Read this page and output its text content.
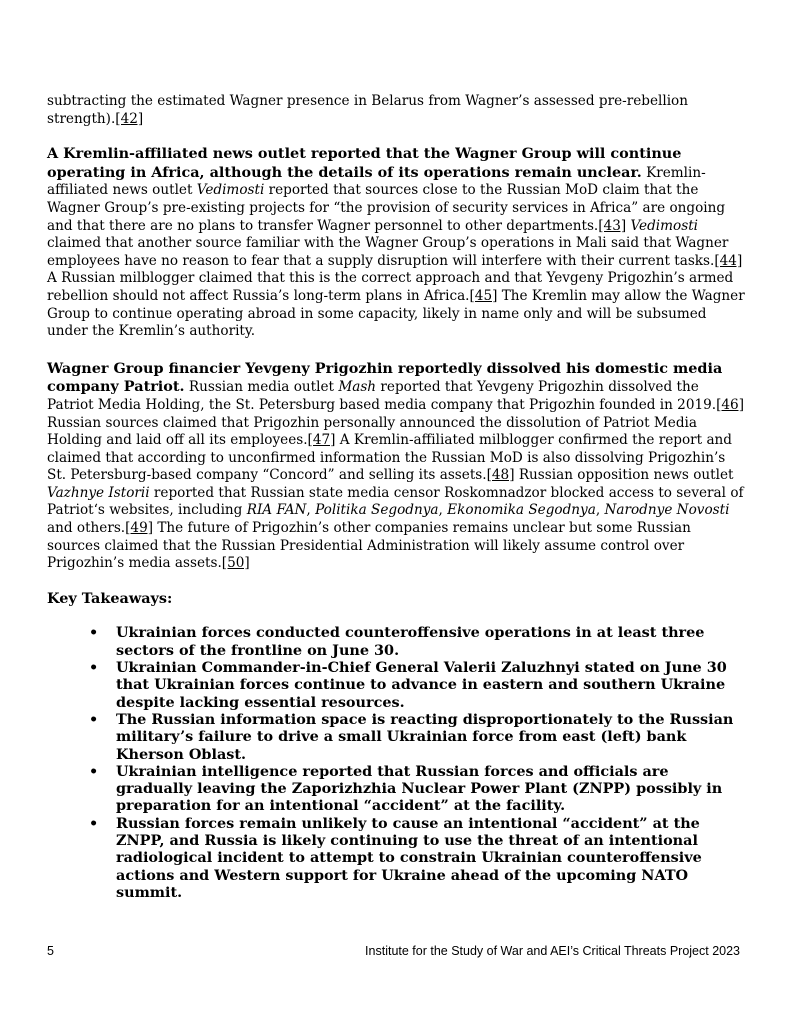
subtracting the estimated Wagner presence in Belarus from Wagner’s assessed pre-rebellion strength).[42]

A Kremlin-affiliated news outlet reported that the Wagner Group will continue operating in Africa, although the details of its operations remain unclear. Kremlin-affiliated news outlet Vedimosti reported that sources close to the Russian MoD claim that the Wagner Group’s pre-existing projects for “the provision of security services in Africa” are ongoing and that there are no plans to transfer Wagner personnel to other departments.[43] Vedimosti claimed that another source familiar with the Wagner Group’s operations in Mali said that Wagner employees have no reason to fear that a supply disruption will interfere with their current tasks.[44] A Russian milblogger claimed that this is the correct approach and that Yevgeny Prigozhin’s armed rebellion should not affect Russia’s long-term plans in Africa.[45] The Kremlin may allow the Wagner Group to continue operating abroad in some capacity, likely in name only and will be subsumed under the Kremlin’s authority.

Wagner Group financier Yevgeny Prigozhin reportedly dissolved his domestic media company Patriot. Russian media outlet Mash reported that Yevgeny Prigozhin dissolved the Patriot Media Holding, the St. Petersburg based media company that Prigozhin founded in 2019.[46] Russian sources claimed that Prigozhin personally announced the dissolution of Patriot Media Holding and laid off all its employees.[47] A Kremlin-affiliated milblogger confirmed the report and claimed that according to unconfirmed information the Russian MoD is also dissolving Prigozhin’s St. Petersburg-based company “Concord” and selling its assets.[48] Russian opposition news outlet Vazhnye Istorii reported that Russian state media censor Roskomnadzor blocked access to several of Patriot‘s websites, including RIA FAN, Politika Segodnya, Ekonomika Segodnya, Narodnye Novosti and others.[49] The future of Prigozhin’s other companies remains unclear but some Russian sources claimed that the Russian Presidential Administration will likely assume control over Prigozhin’s media assets.[50]

Key Takeaways:

• Ukrainian forces conducted counteroffensive operations in at least three sectors of the frontline on June 30.
• Ukrainian Commander-in-Chief General Valerii Zaluzhnyi stated on June 30 that Ukrainian forces continue to advance in eastern and southern Ukraine despite lacking essential resources.
• The Russian information space is reacting disproportionately to the Russian military’s failure to drive a small Ukrainian force from east (left) bank Kherson Oblast.
• Ukrainian intelligence reported that Russian forces and officials are gradually leaving the Zaporizhzhia Nuclear Power Plant (ZNPP) possibly in preparation for an intentional “accident” at the facility.
• Russian forces remain unlikely to cause an intentional “accident” at the ZNPP, and Russia is likely continuing to use the threat of an intentional radiological incident to attempt to constrain Ukrainian counteroffensive actions and Western support for Ukraine ahead of the upcoming NATO summit.
5	Institute for the Study of War and AEI’s Critical Threats Project 2023
